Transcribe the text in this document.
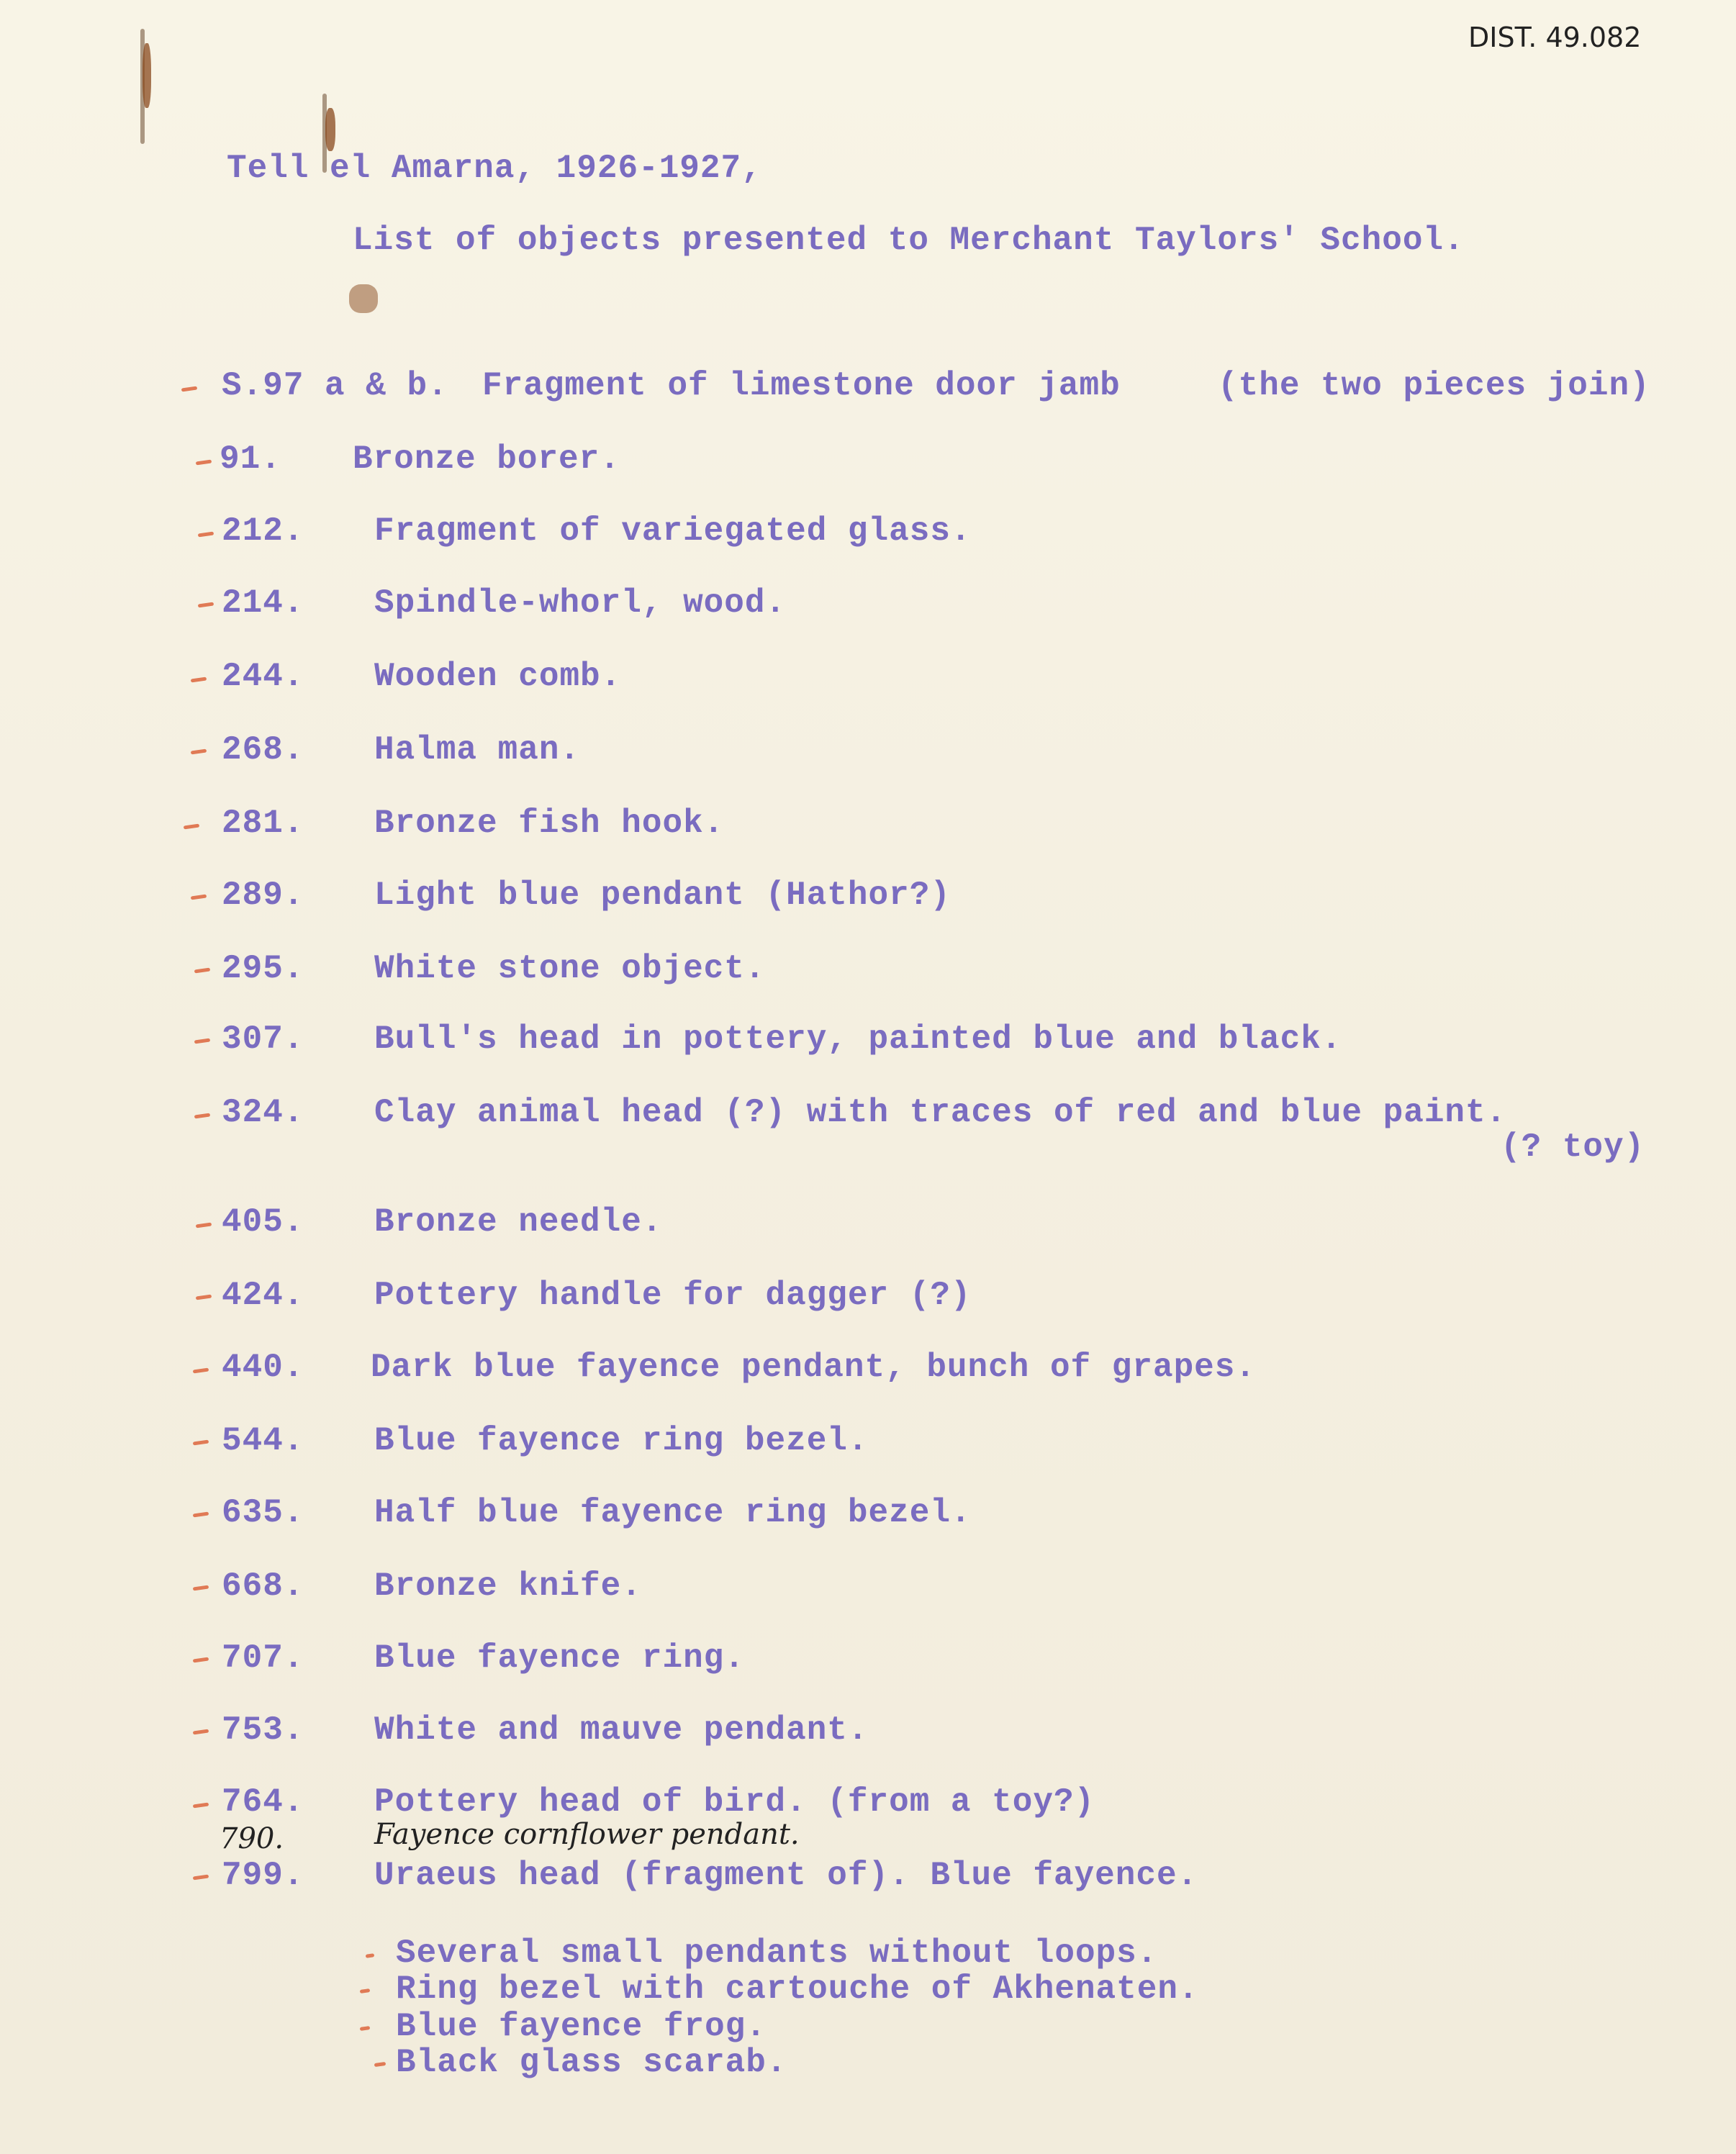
DIST. 49.082
Tell el Amarna, 1926-1927,
List of objects presented to Merchant Taylors' School.
S.97 a & b. Fragment of limestone door jamb	(the two pieces join)
91. Bronze borer.
212. Fragment of variegated glass.
214. Spindle-whorl, wood.
244. Wooden comb.
268. Halma man.
281. Bronze fish hook.
289. Light blue pendant (Hathor?)
295. White stone object.
307. Bull's head in pottery, painted blue and black.
324. Clay animal head (?) with traces of red and blue paint.
(? toy)
405. Bronze needle.
424. Pottery handle for dagger (?)
440. Dark blue fayence pendant, bunch of grapes.
544. Blue fayence ring bezel.
635. Half blue fayence ring bezel.
668. Bronze knife.
707. Blue fayence ring.
753. White and mauve pendant.
764. Pottery head of bird. (from a toy?)
790.	Fayence cornflower pendant.
799. Uraeus head (fragment of). Blue fayence.
Several small pendants without loops.
Ring bezel with cartouche of Akhenaten.
Blue fayence frog.
Black glass scarab.
